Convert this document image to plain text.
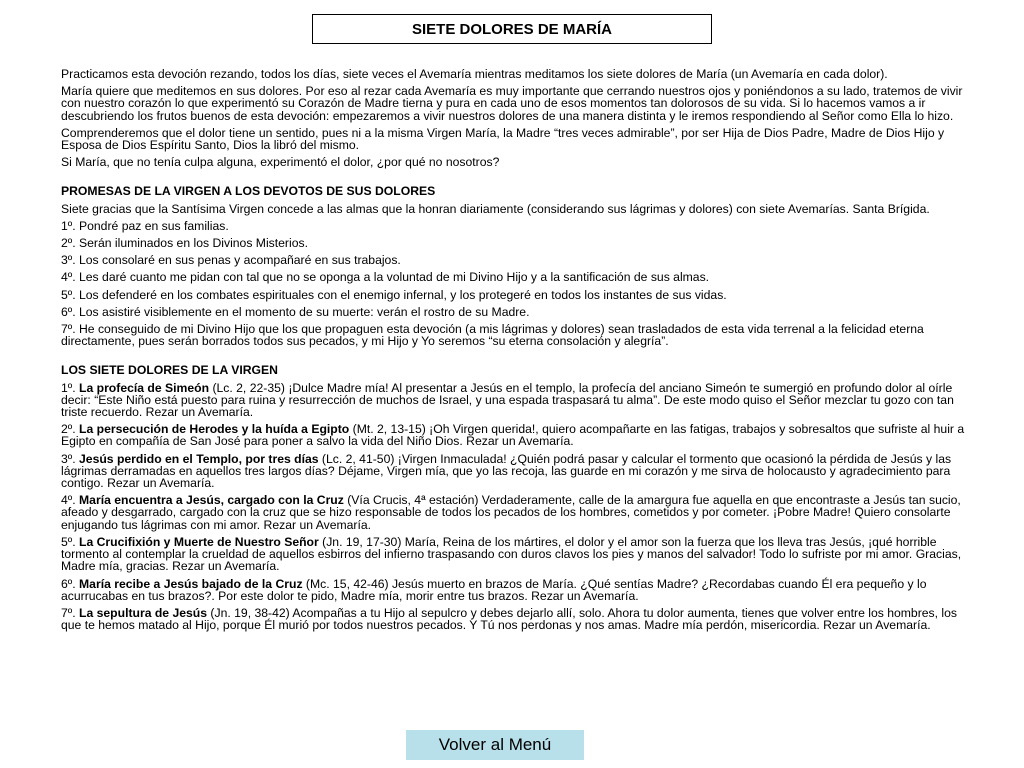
SIETE DOLORES DE MARÍA

Practicamos esta devoción rezando, todos los días, siete veces el Avemaría mientras meditamos los siete dolores de María (un Avemaría en cada dolor).

María quiere que meditemos en sus dolores. Por eso al rezar cada Avemaría es muy importante que cerrando nuestros ojos y poniéndonos a su lado, tratemos de vivir con nuestro corazón lo que experimentó su Corazón de Madre tierna y pura en cada uno de esos momentos tan dolorosos de su vida. Si lo hacemos vamos a ir descubriendo los frutos buenos de esta devoción: empezaremos a vivir nuestros dolores de una manera distinta y le iremos respondiendo al Señor como Ella lo hizo.

Comprenderemos que el dolor tiene un sentido, pues ni a la misma Virgen María, la Madre “tres veces admirable”, por ser Hija de Dios Padre, Madre de Dios Hijo y Esposa de Dios Espíritu Santo, Dios la libró del mismo.

Si María, que no tenía culpa alguna, experimentó el dolor, ¿por qué no nosotros?

PROMESAS DE LA VIRGEN A LOS DEVOTOS DE SUS DOLORES

Siete gracias que la Santísima Virgen concede a las almas que la honran diariamente (considerando sus lágrimas y dolores) con siete Avemarías. Santa Brígida.

1º. Pondré paz en sus familias.

2º. Serán iluminados en los Divinos Misterios.

3º. Los consolaré en sus penas y acompañaré en sus trabajos.

4º. Les daré cuanto me pidan con tal que no se oponga a la voluntad de mi Divino Hijo y a la santificación de sus almas.

5º. Los defenderé en los combates espirituales con el enemigo infernal, y los protegeré en todos los instantes de sus vidas.

6º. Los asistiré visiblemente en el momento de su muerte: verán el rostro de su Madre.

7º. He conseguido de mi Divino Hijo que los que propaguen esta devoción (a mis lágrimas y dolores) sean trasladados de esta vida terrenal a la felicidad eterna directamente, pues serán borrados todos sus pecados, y mi Hijo y Yo seremos “su eterna consolación y alegría”.

LOS SIETE DOLORES DE LA VIRGEN

1º. La profecía de Simeón (Lc. 2, 22-35) ¡Dulce Madre mía! Al presentar a Jesús en el templo, la profecía del anciano Simeón te sumergió en profundo dolor al oírle decir: “Este Niño está puesto para ruina y resurrección de muchos de Israel, y una espada traspasará tu alma”. De este modo quiso el Señor mezclar tu gozo con tan triste recuerdo. Rezar un Avemaría.

2º. La persecución de Herodes y la huída a Egipto (Mt. 2, 13-15) ¡Oh Virgen querida!, quiero acompañarte en las fatigas, trabajos y sobresaltos que sufriste al huir a Egipto en compañía de San José para poner a salvo la vida del Niño Dios. Rezar un Avemaría.

3º. Jesús perdido en el Templo, por tres días (Lc. 2, 41-50) ¡Virgen Inmaculada! ¿Quién podrá pasar y calcular el tormento que ocasionó la pérdida de Jesús y las lágrimas derramadas en aquellos tres largos días? Déjame, Virgen mía, que yo las recoja, las guarde en mi corazón y me sirva de holocausto y agradecimiento para contigo. Rezar un Avemaría.

4º. María encuentra a Jesús, cargado con la Cruz (Vía Crucis, 4ª estación) Verdaderamente, calle de la amargura fue aquella en que encontraste a Jesús tan sucio, afeado y desgarrado, cargado con la cruz que se hizo responsable de todos los pecados de los hombres, cometidos y por cometer. ¡Pobre Madre! Quiero consolarte enjugando tus lágrimas con mi amor. Rezar un Avemaría.

5º. La Crucifixión y Muerte de Nuestro Señor (Jn. 19, 17-30) María, Reina de los mártires, el dolor y el amor son la fuerza que los lleva tras Jesús, ¡qué horrible tormento al contemplar la crueldad de aquellos esbirros del infierno traspasando con duros clavos los pies y manos del salvador! Todo lo sufriste por mi amor. Gracias, Madre mía, gracias. Rezar un Avemaría.

6º. María recibe a Jesús bajado de la Cruz (Mc. 15, 42-46) Jesús muerto en brazos de María. ¿Qué sentías Madre? ¿Recordabas cuando Él era pequeño y lo acurrucabas en tus brazos?. Por este dolor te pido, Madre mía, morir entre tus brazos. Rezar un Avemaría.

7º. La sepultura de Jesús (Jn. 19, 38-42) Acompañas a tu Hijo al sepulcro y debes dejarlo allí, solo. Ahora tu dolor aumenta, tienes que volver entre los hombres, los que te hemos matado al Hijo, porque Él murió por todos nuestros pecados. Y Tú nos perdonas y nos amas. Madre mía perdón, misericordia. Rezar un Avemaría.

Volver al Menú
